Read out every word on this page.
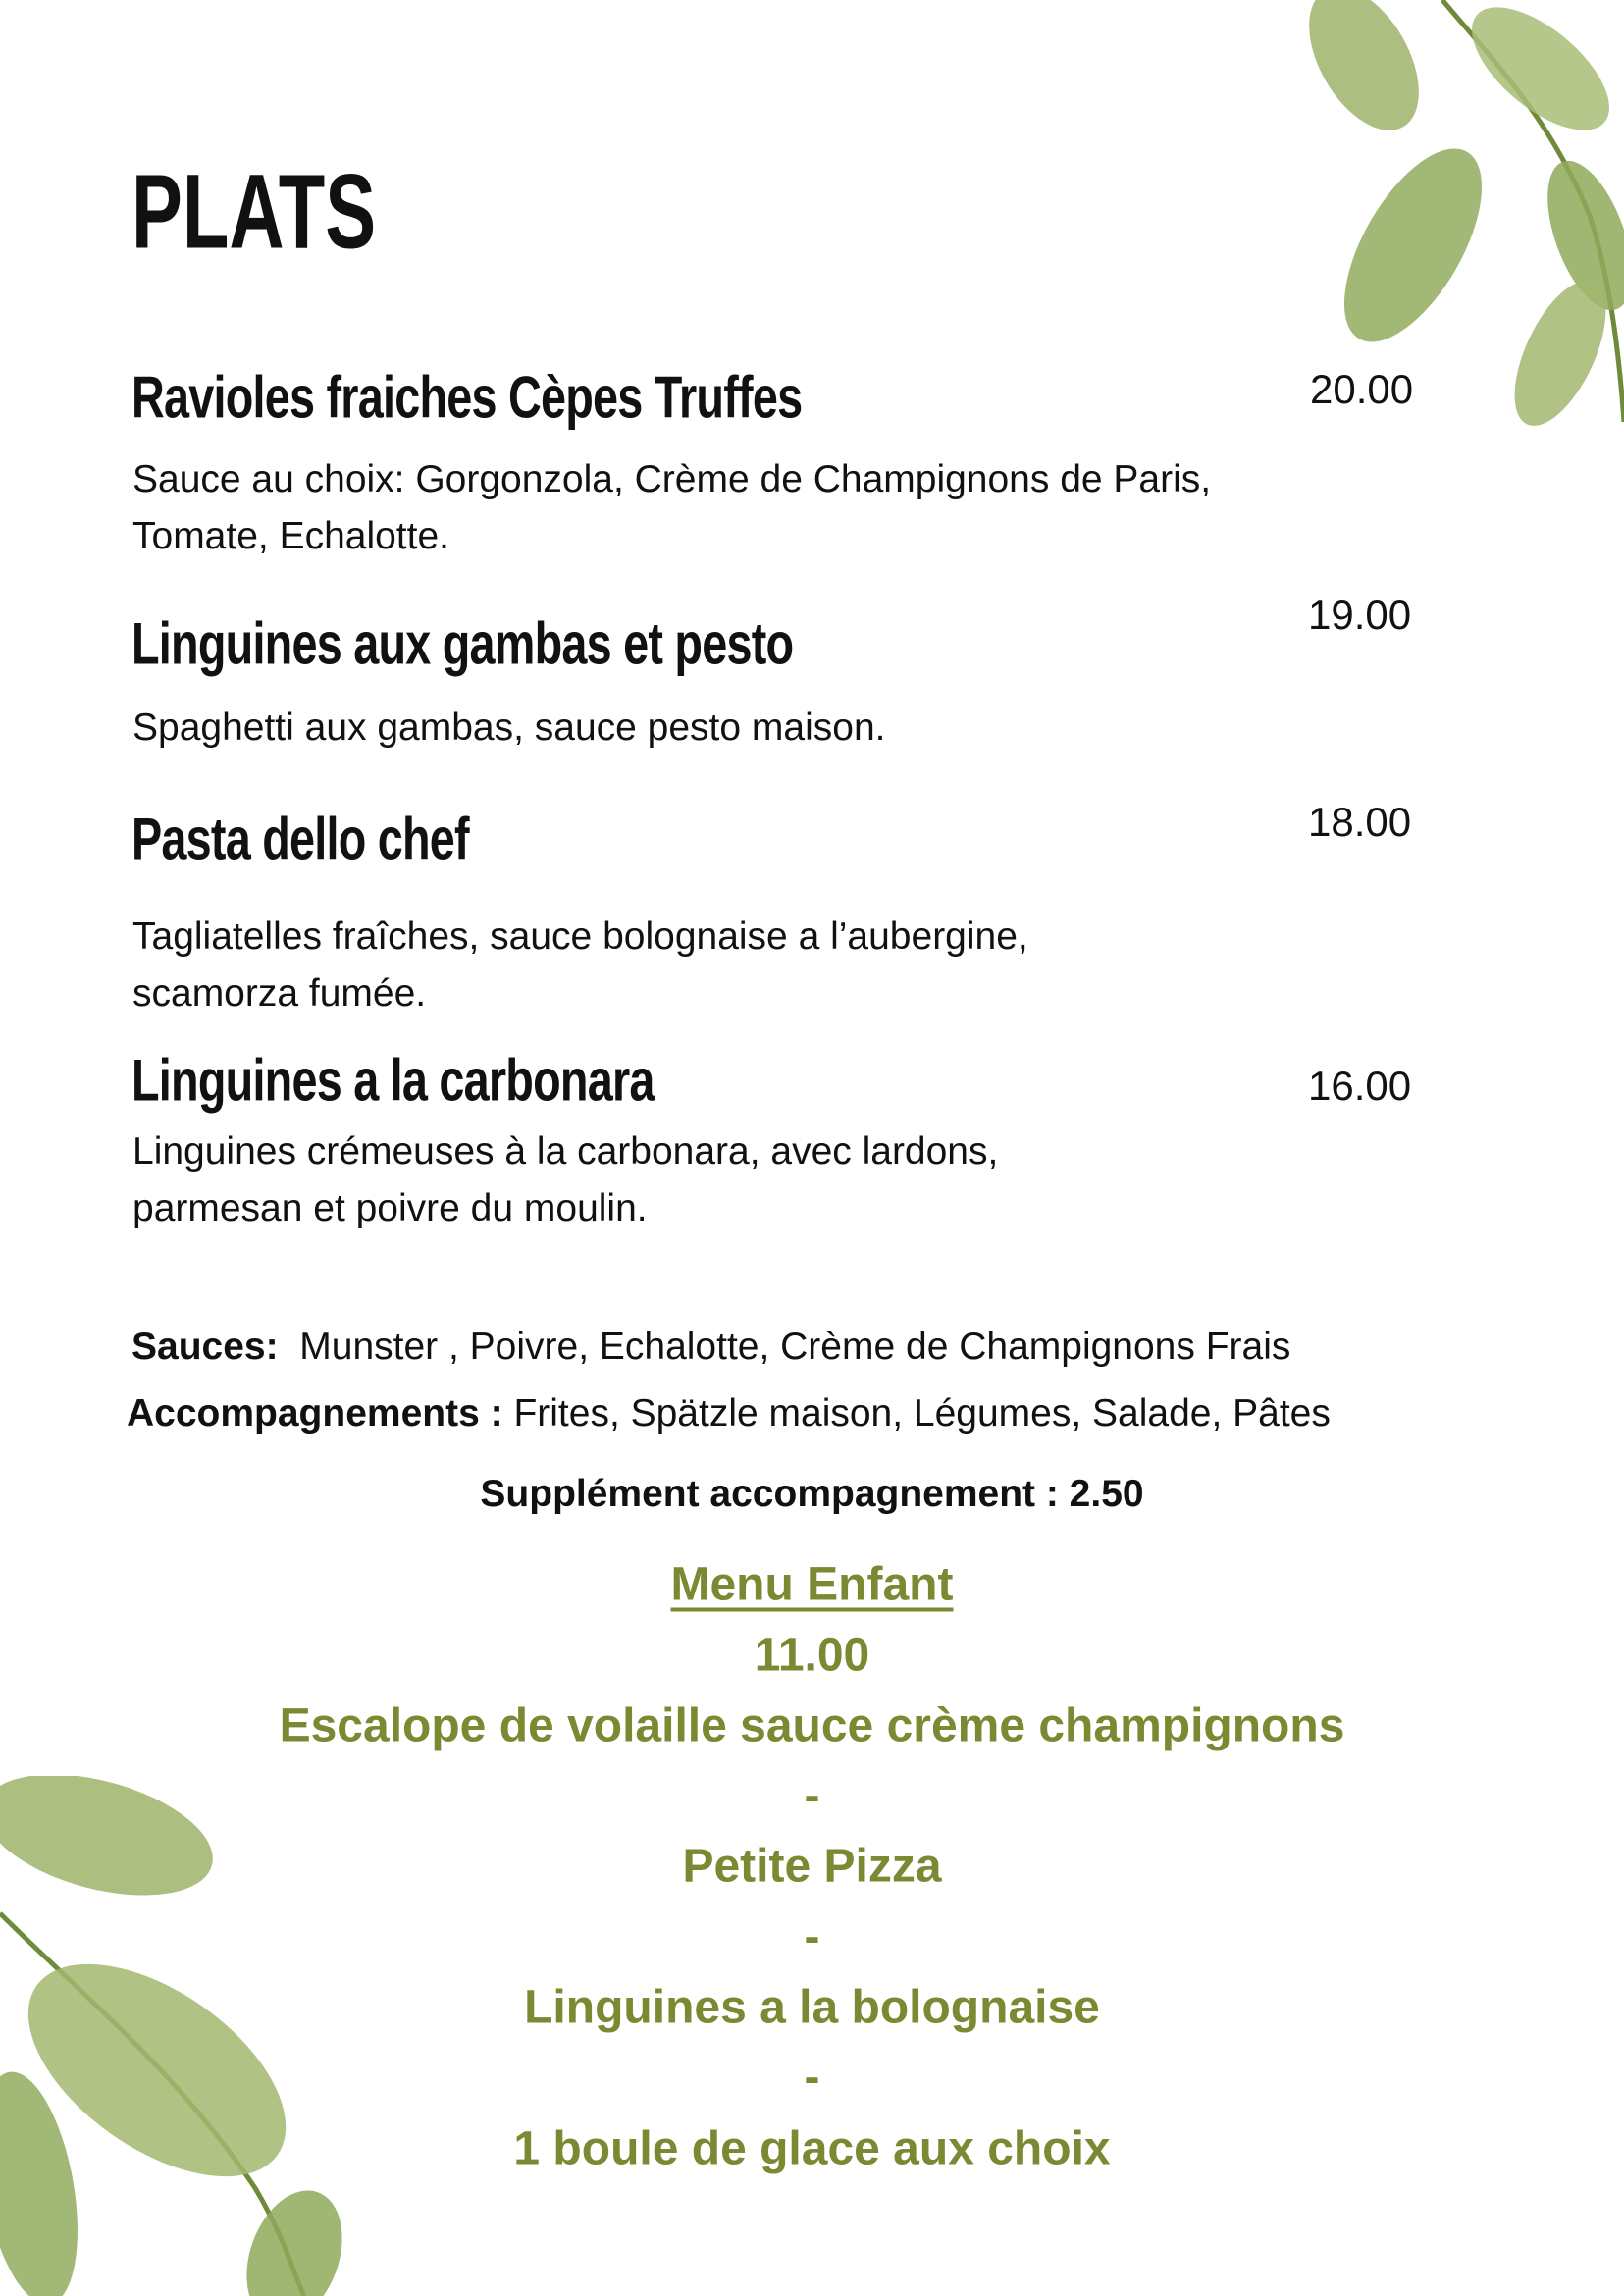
PLATS
Ravioles fraiches Cèpes Truffes	20.00
Sauce au choix: Gorgonzola, Crème de Champignons de Paris,
Tomate, Echalotte.
Linguines aux gambas et pesto	19.00
Spaghetti aux gambas, sauce pesto maison.
Pasta dello chef	18.00
Tagliatelles fraîches, sauce bolognaise a l’aubergine,
scamorza fumée.
Linguines a la carbonara	16.00
Linguines crémeuses à la carbonara, avec lardons,
parmesan et poivre du moulin.
Sauces: Munster , Poivre, Echalotte, Crème de Champignons Frais
Accompagnements : Frites, Spätzle maison, Légumes, Salade, Pâtes
Supplément accompagnement : 2.50
Menu Enfant
11.00
Escalope de volaille sauce crème champignons
-
Petite Pizza
-
Linguines a la bolognaise
-
1 boule de glace aux choix
